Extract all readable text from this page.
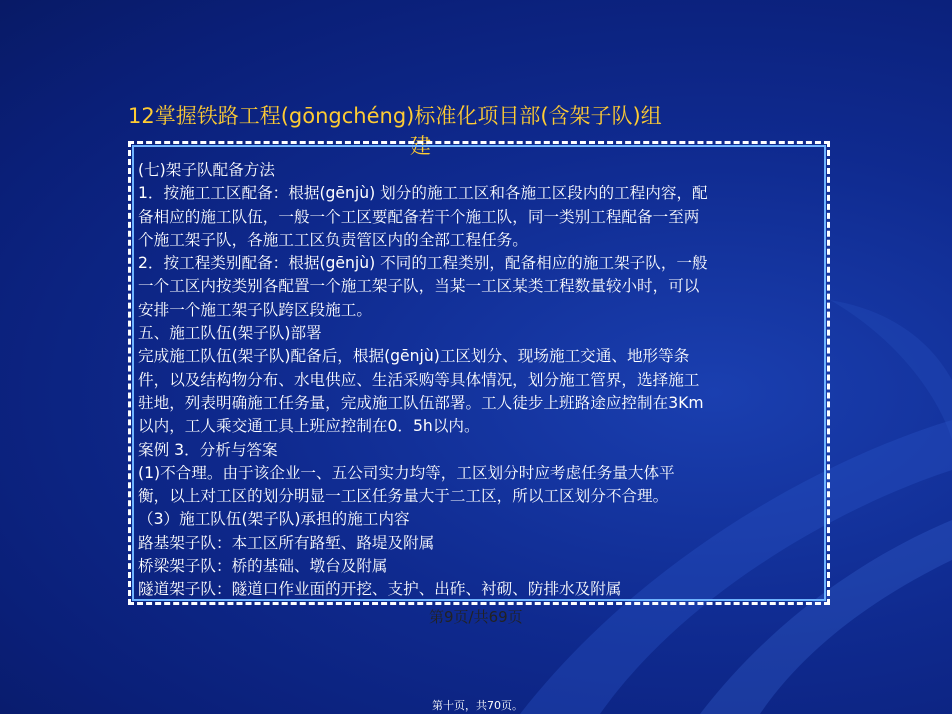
12掌握铁路工程(gōngchéng)标准化项目部(含架子队)组
建
(七)架子队配备方法
1．按施工工区配备：根据(gēnjù) 划分的施工工区和各施工区段内的工程内容，配
备相应的施工队伍，一般一个工区要配备若干个施工队，同一类别工程配备一至两
个施工架子队，各施工工区负责管区内的全部工程任务。
2．按工程类别配备：根据(gēnjù) 不同的工程类别，配备相应的施工架子队，一般
一个工区内按类别各配置一个施工架子队，当某一工区某类工程数量较小时，可以
安排一个施工架子队跨区段施工。
五、施工队伍(架子队)部署
完成施工队伍(架子队)配备后，根据(gēnjù)工区划分、现场施工交通、地形等条
件，以及结构物分布、水电供应、生活采购等具体情况，划分施工管界，选择施工
驻地，列表明确施工任务量，完成施工队伍部署。工人徒步上班路途应控制在3Km
以内，工人乘交通工具上班应控制在0．5h以内。
案例 3．分析与答案
(1)不合理。由于该企业一、五公司实力均等，工区划分时应考虑任务量大体平
衡，以上对工区的划分明显一工区任务量大于二工区，所以工区划分不合理。
（3）施工队伍(架子队)承担的施工内容
路基架子队：本工区所有路堑、路堤及附属
桥梁架子队：桥的基础、墩台及附属
隧道架子队：隧道口作业面的开挖、支护、出砟、衬砌、防排水及附属
第9页/共69页
第十页，共70页。
